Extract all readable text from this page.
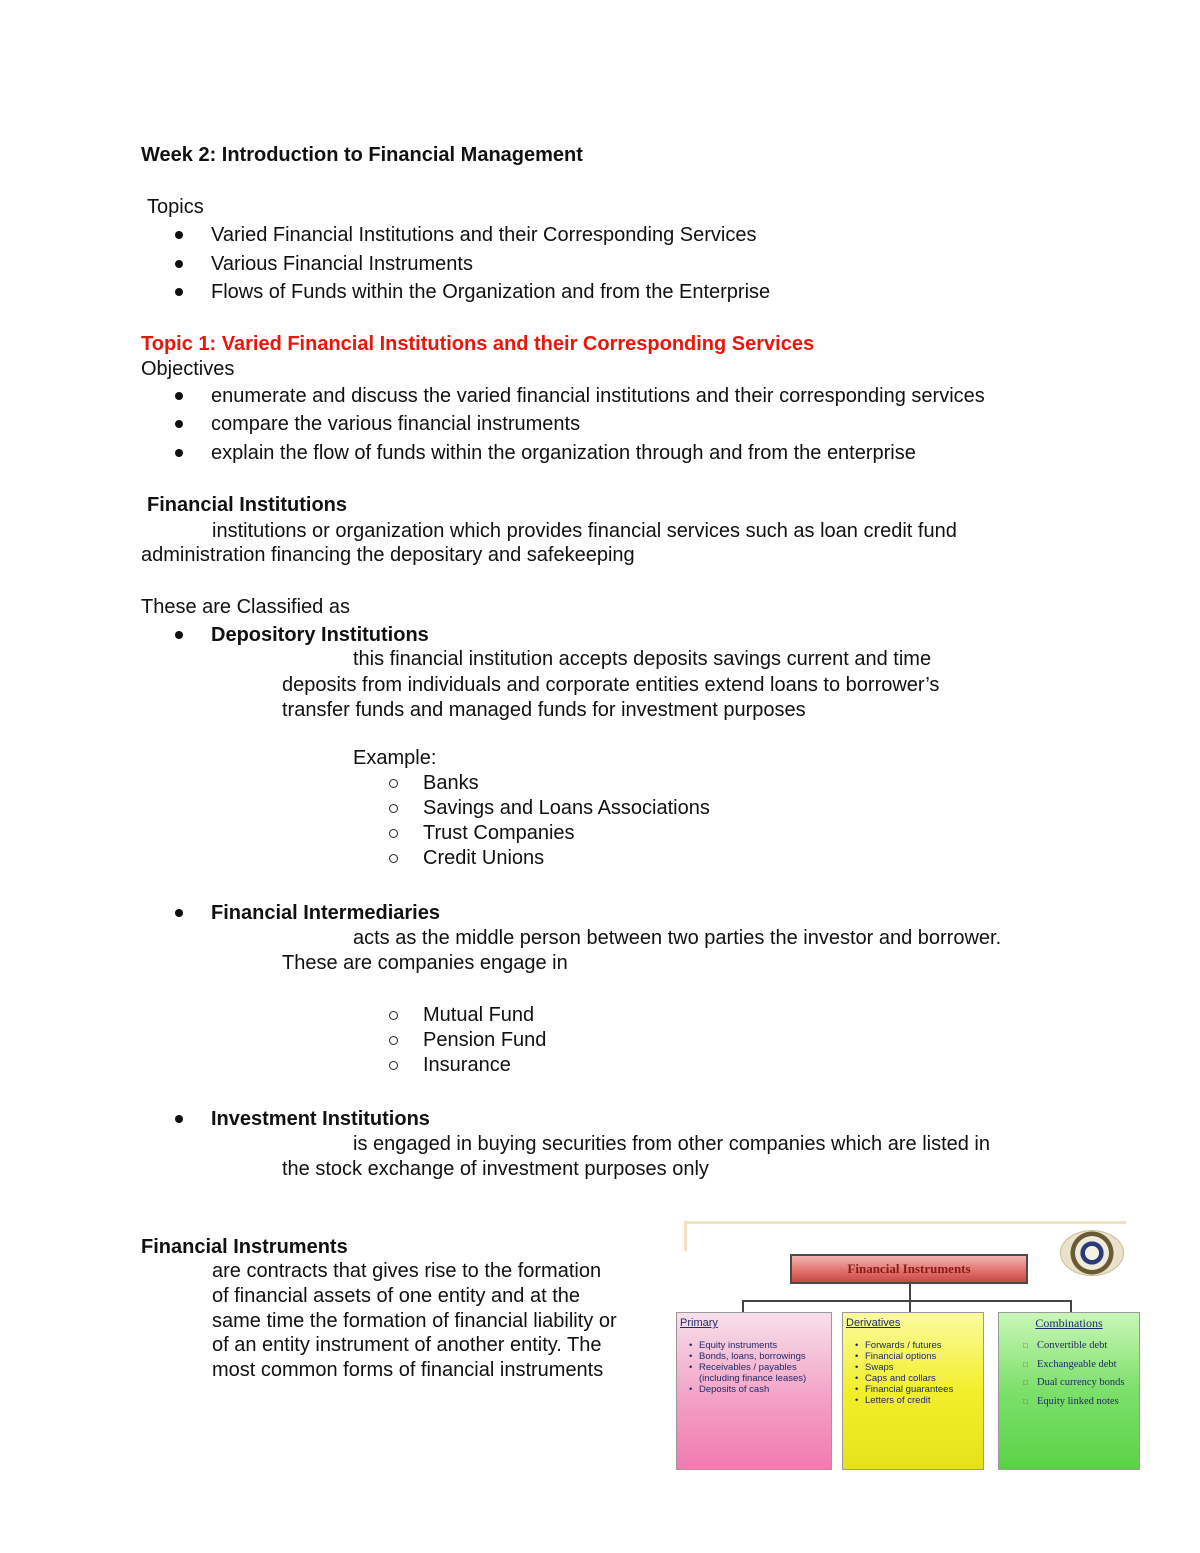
Week 2: Introduction to Financial Management
Topics
Varied Financial Institutions and their Corresponding Services
Various Financial Instruments
Flows of Funds within the Organization and from the Enterprise
Topic 1: Varied Financial Institutions and their Corresponding Services
Objectives
enumerate and discuss the varied financial institutions and their corresponding services
compare the various financial instruments
explain the flow of funds within the organization through and from the enterprise
Financial Institutions
institutions or organization which provides financial services such as loan credit fund
administration financing the depositary and safekeeping
These are Classified as
Depository Institutions
this financial institution accepts deposits savings current and time
deposits from individuals and corporate entities extend loans to borrower’s
transfer funds and managed funds for investment purposes
Example:
Banks
Savings and Loans Associations
Trust Companies
Credit Unions
Financial Intermediaries
acts as the middle person between two parties the investor and borrower.
These are companies engage in
Mutual Fund
Pension Fund
Insurance
Investment Institutions
is engaged in buying securities from other companies which are listed in
the stock exchange of investment purposes only
Financial Instruments
are contracts that gives rise to the formation
of financial assets of one entity and at the
same time the formation of financial liability or
of an entity instrument of another entity. The
most common forms of financial instruments
Financial Instruments
Primary
• Equity instruments
• Bonds, loans, borrowings
• Receivables / payables (including finance leases)
• Deposits of cash
Derivatives
• Forwards / futures
• Financial options
• Swaps
• Caps and collars
• Financial guarantees
• Letters of credit
Combinations
□ Convertible debt
□ Exchangeable debt
□ Dual currency bonds
□ Equity linked notes
